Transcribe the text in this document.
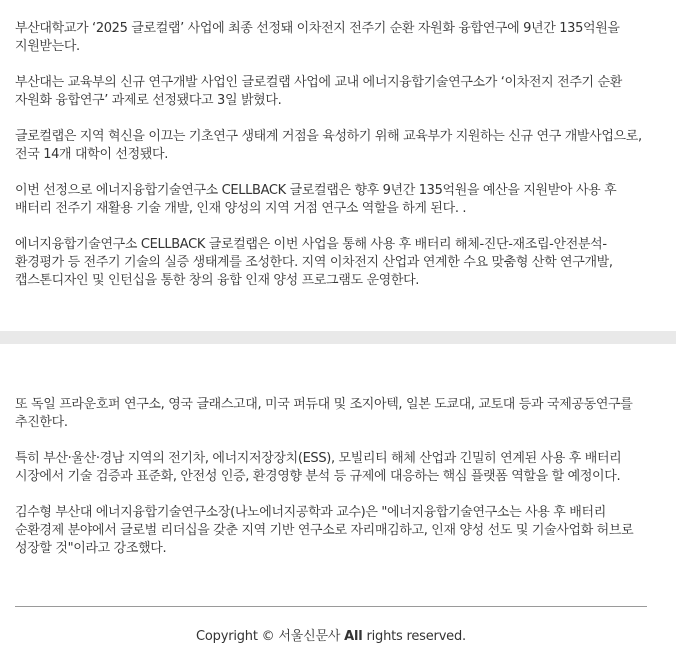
부산대학교가 ‘2025 글로컬랩’ 사업에 최종 선정돼 이차전지 전주기 순환 자원화 융합연구에 9년간 135억원을 지원받는다.

부산대는 교육부의 신규 연구개발 사업인 글로컬랩 사업에 교내 에너지융합기술연구소가 ‘이차전지 전주기 순환 자원화 융합연구’ 과제로 선정됐다고 3일 밝혔다.

글로컬랩은 지역 혁신을 이끄는 기초연구 생태계 거점을 육성하기 위해 교육부가 지원하는 신규 연구 개발사업으로, 전국 14개 대학이 선정됐다.

이번 선정으로 에너지융합기술연구소 CELLBACK 글로컬랩은 향후 9년간 135억원을 예산을 지원받아 사용 후 배터리 전주기 재활용 기술 개발, 인재 양성의 지역 거점 연구소 역할을 하게 된다. .

에너지융합기술연구소 CELLBACK 글로컬랩은 이번 사업을 통해 사용 후 배터리 해체-진단-재조립-안전분석-환경평가 등 전주기 기술의 실증 생태계를 조성한다. 지역 이차전지 산업과 연계한 수요 맞춤형 산학 연구개발, 캡스톤디자인 및 인턴십을 통한 창의 융합 인재 양성 프로그램도 운영한다.

또 독일 프라운호퍼 연구소, 영국 글래스고대, 미국 퍼듀대 및 조지아텍, 일본 도쿄대, 교토대 등과 국제공동연구를 추진한다.

특히 부산·울산·경남 지역의 전기차, 에너지저장장치(ESS), 모빌리티 해체 산업과 긴밀히 연계된 사용 후 배터리 시장에서 기술 검증과 표준화, 안전성 인증, 환경영향 분석 등 규제에 대응하는 핵심 플랫폼 역할을 할 예정이다.

김수형 부산대 에너지융합기술연구소장(나노에너지공학과 교수)은 "에너지융합기술연구소는 사용 후 배터리 순환경제 분야에서 글로벌 리더십을 갖춘 지역 기반 연구소로 자리매김하고, 인재 양성 선도 및 기술사업화 허브로 성장할 것"이라고 강조했다.

Copyright © 서울신문사 All rights reserved.
